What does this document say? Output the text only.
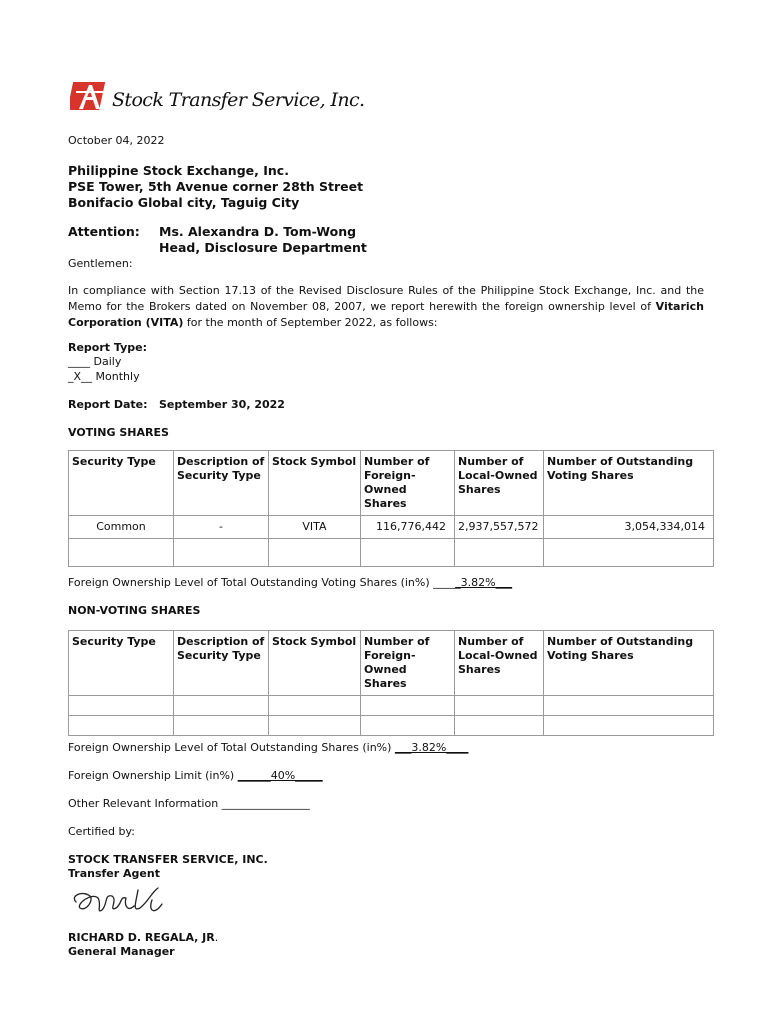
Stock Transfer Service, Inc.
October 04, 2022
Philippine Stock Exchange, Inc.
PSE Tower, 5th Avenue corner 28th Street
Bonifacio Global city, Taguig City
Attention: Ms. Alexandra D. Tom-Wong
Head, Disclosure Department
Gentlemen:
In compliance with Section 17.13 of the Revised Disclosure Rules of the Philippine Stock Exchange, Inc. and the Memo for the Brokers dated on November 08, 2007, we report herewith the foreign ownership level of Vitarich Corporation (VITA) for the month of September 2022, as follows:
Report Type:
____ Daily
_X__ Monthly
Report Date: September 30, 2022
VOTING SHARES
Security Type	Description of Security Type	Stock Symbol	Number of Foreign-Owned Shares	Number of Local-Owned Shares	Number of Outstanding Voting Shares
Common	-	VITA	116,776,442	2,937,557,572	3,054,334,014

Foreign Ownership Level of Total Outstanding Voting Shares (in%) _____3.82%___
NON-VOTING SHARES
Security Type	Description of Security Type	Stock Symbol	Number of Foreign-Owned Shares	Number of Local-Owned Shares	Number of Outstanding Voting Shares

Foreign Ownership Level of Total Outstanding Shares (in%) ___3.82%____
Foreign Ownership Limit (in%) ______40%_____
Other Relevant Information ________________
Certified by:
STOCK TRANSFER SERVICE, INC.
Transfer Agent
RICHARD D. REGALA, JR.
General Manager
